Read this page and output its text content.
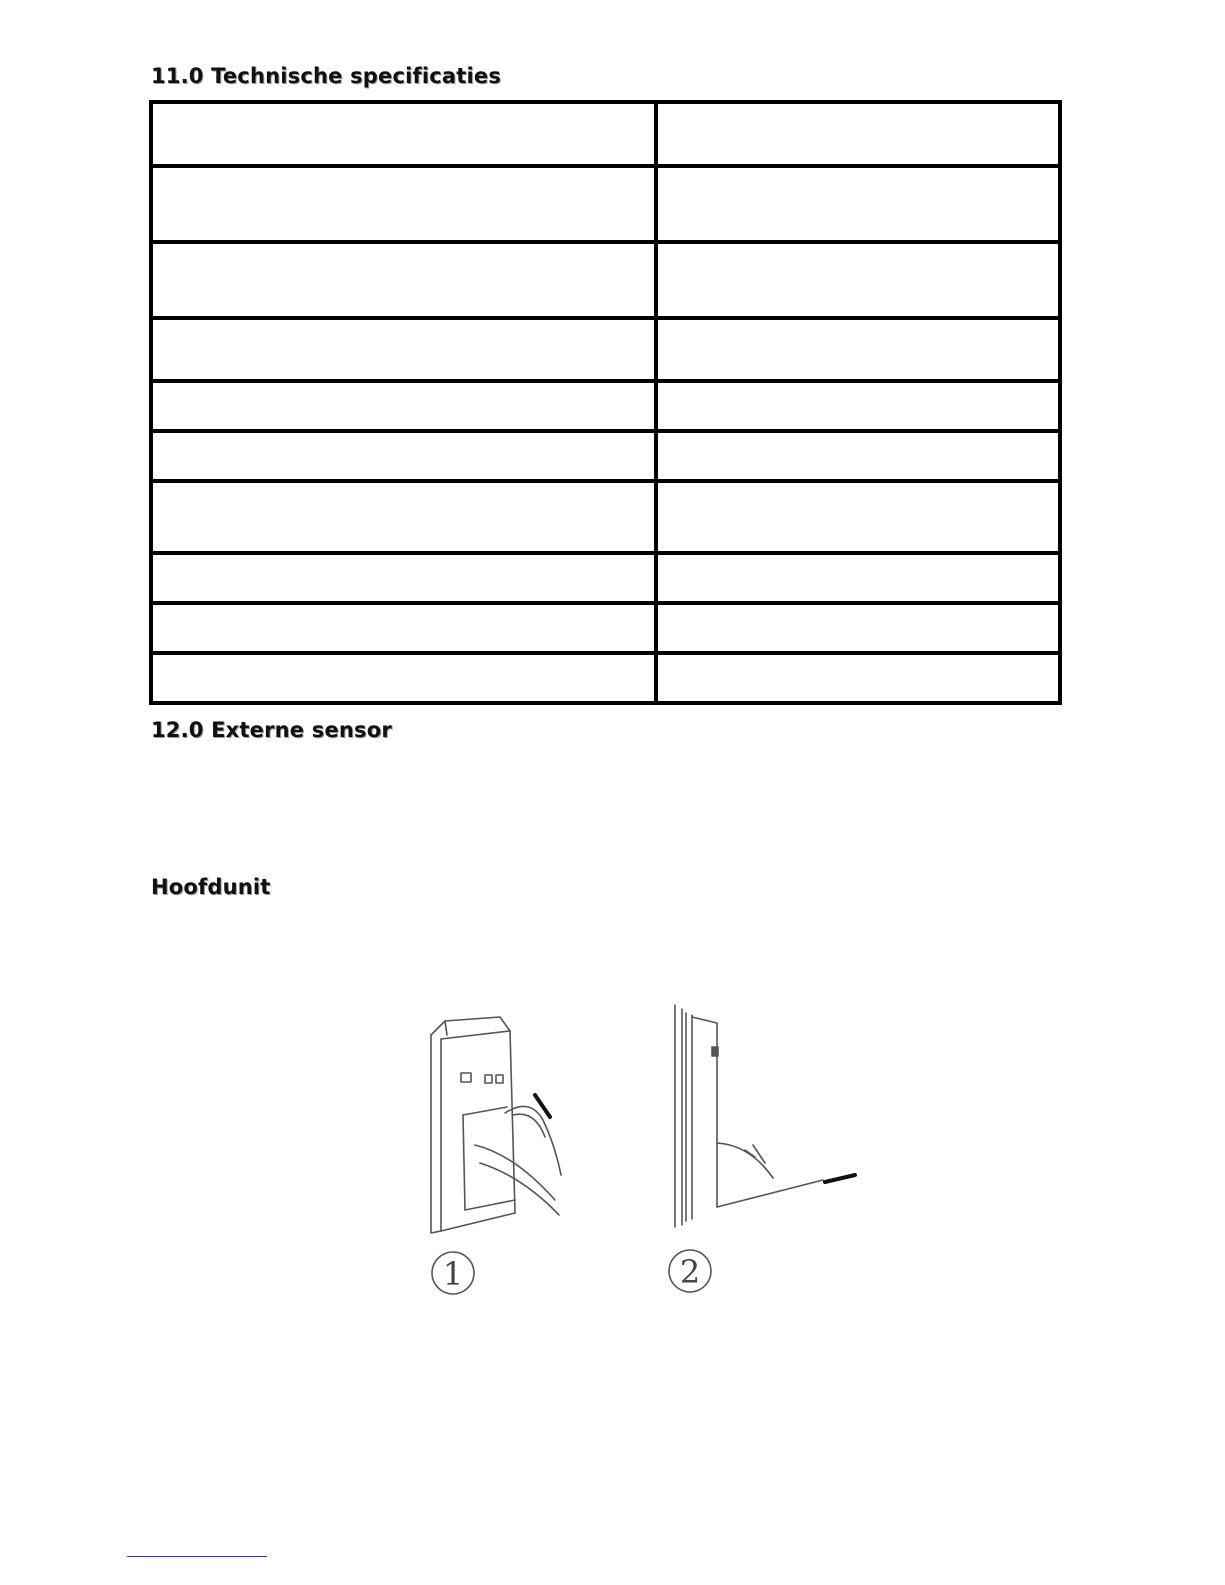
11.0 Technische specificaties

12.0 Externe sensor
Hoofdunit
1	2
